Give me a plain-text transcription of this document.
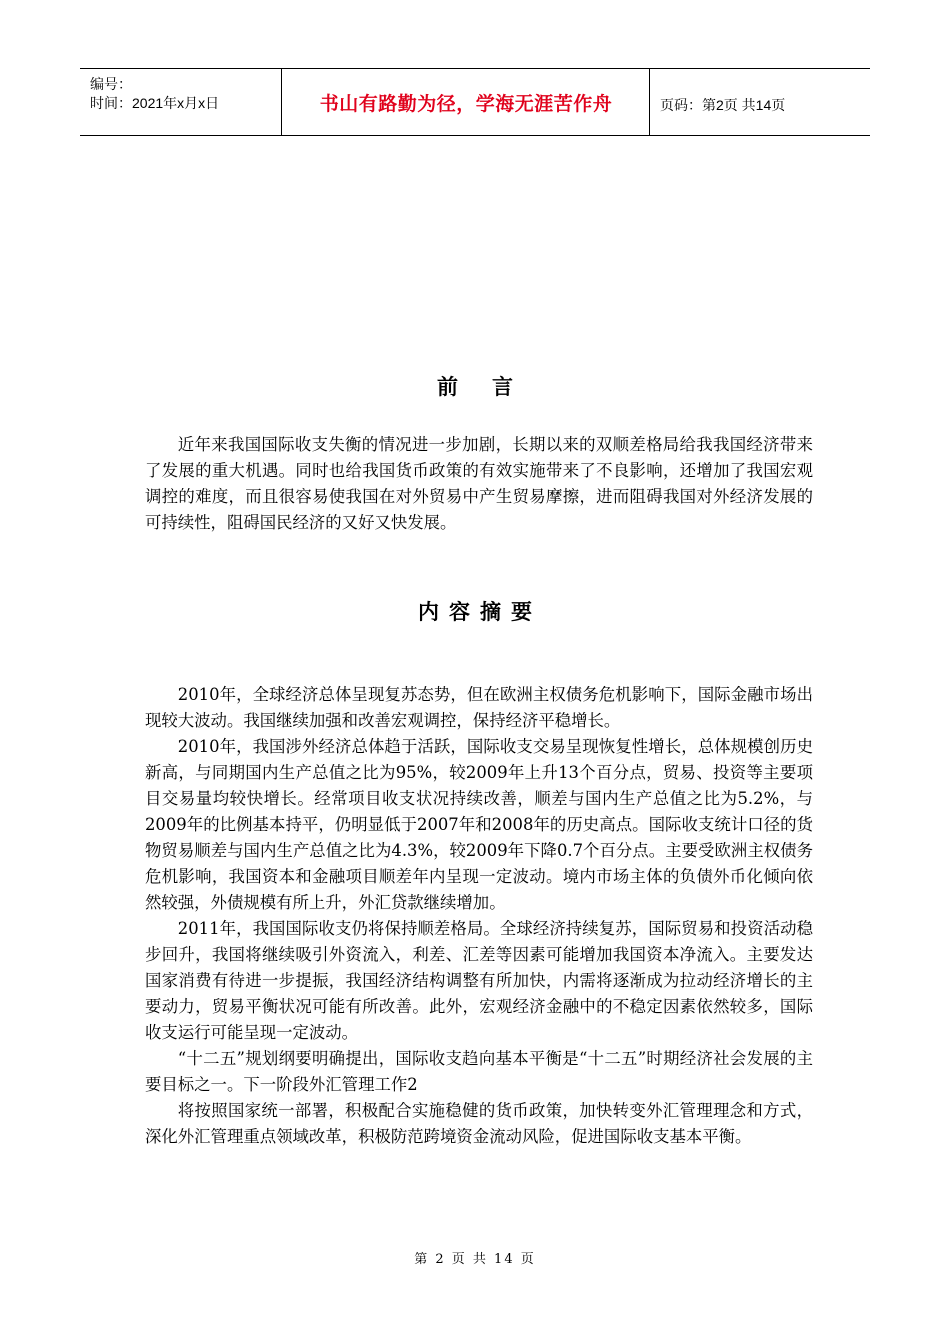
编号：
时间：2021年x月x日	书山有路勤为径，学海无涯苦作舟	页码：第2页 共14页
前言

近年来我国国际收支失衡的情况进一步加剧，长期以来的双顺差格局给我我国经济带来了发展的重大机遇。同时也给我国货币政策的有效实施带来了不良影响，还增加了我国宏观调控的难度，而且很容易使我国在对外贸易中产生贸易摩擦，进而阻碍我国对外经济发展的可持续性，阻碍国民经济的又好又快发展。

内容摘要

2010年，全球经济总体呈现复苏态势，但在欧洲主权债务危机影响下，国际金融市场出现较大波动。我国继续加强和改善宏观调控，保持经济平稳增长。

2010年，我国涉外经济总体趋于活跃，国际收支交易呈现恢复性增长，总体规模创历史新高，与同期国内生产总值之比为95%，较2009年上升13个百分点，贸易、投资等主要项目交易量均较快增长。经常项目收支状况持续改善，顺差与国内生产总值之比为5.2%，与2009年的比例基本持平，仍明显低于2007年和2008年的历史高点。国际收支统计口径的货物贸易顺差与国内生产总值之比为4.3%，较2009年下降0.7个百分点。主要受欧洲主权债务危机影响，我国资本和金融项目顺差年内呈现一定波动。境内市场主体的负债外币化倾向依然较强，外债规模有所上升，外汇贷款继续增加。

2011年，我国国际收支仍将保持顺差格局。全球经济持续复苏，国际贸易和投资活动稳步回升，我国将继续吸引外资流入，利差、汇差等因素可能增加我国资本净流入。主要发达国家消费有待进一步提振，我国经济结构调整有所加快，内需将逐渐成为拉动经济增长的主要动力，贸易平衡状况可能有所改善。此外，宏观经济金融中的不稳定因素依然较多，国际收支运行可能呈现一定波动。

“十二五”规划纲要明确提出，国际收支趋向基本平衡是“十二五”时期经济社会发展的主要目标之一。下一阶段外汇管理工作2

将按照国家统一部署，积极配合实施稳健的货币政策，加快转变外汇管理理念和方式，深化外汇管理重点领域改革，积极防范跨境资金流动风险，促进国际收支基本平衡。

第 2 页 共 14 页
